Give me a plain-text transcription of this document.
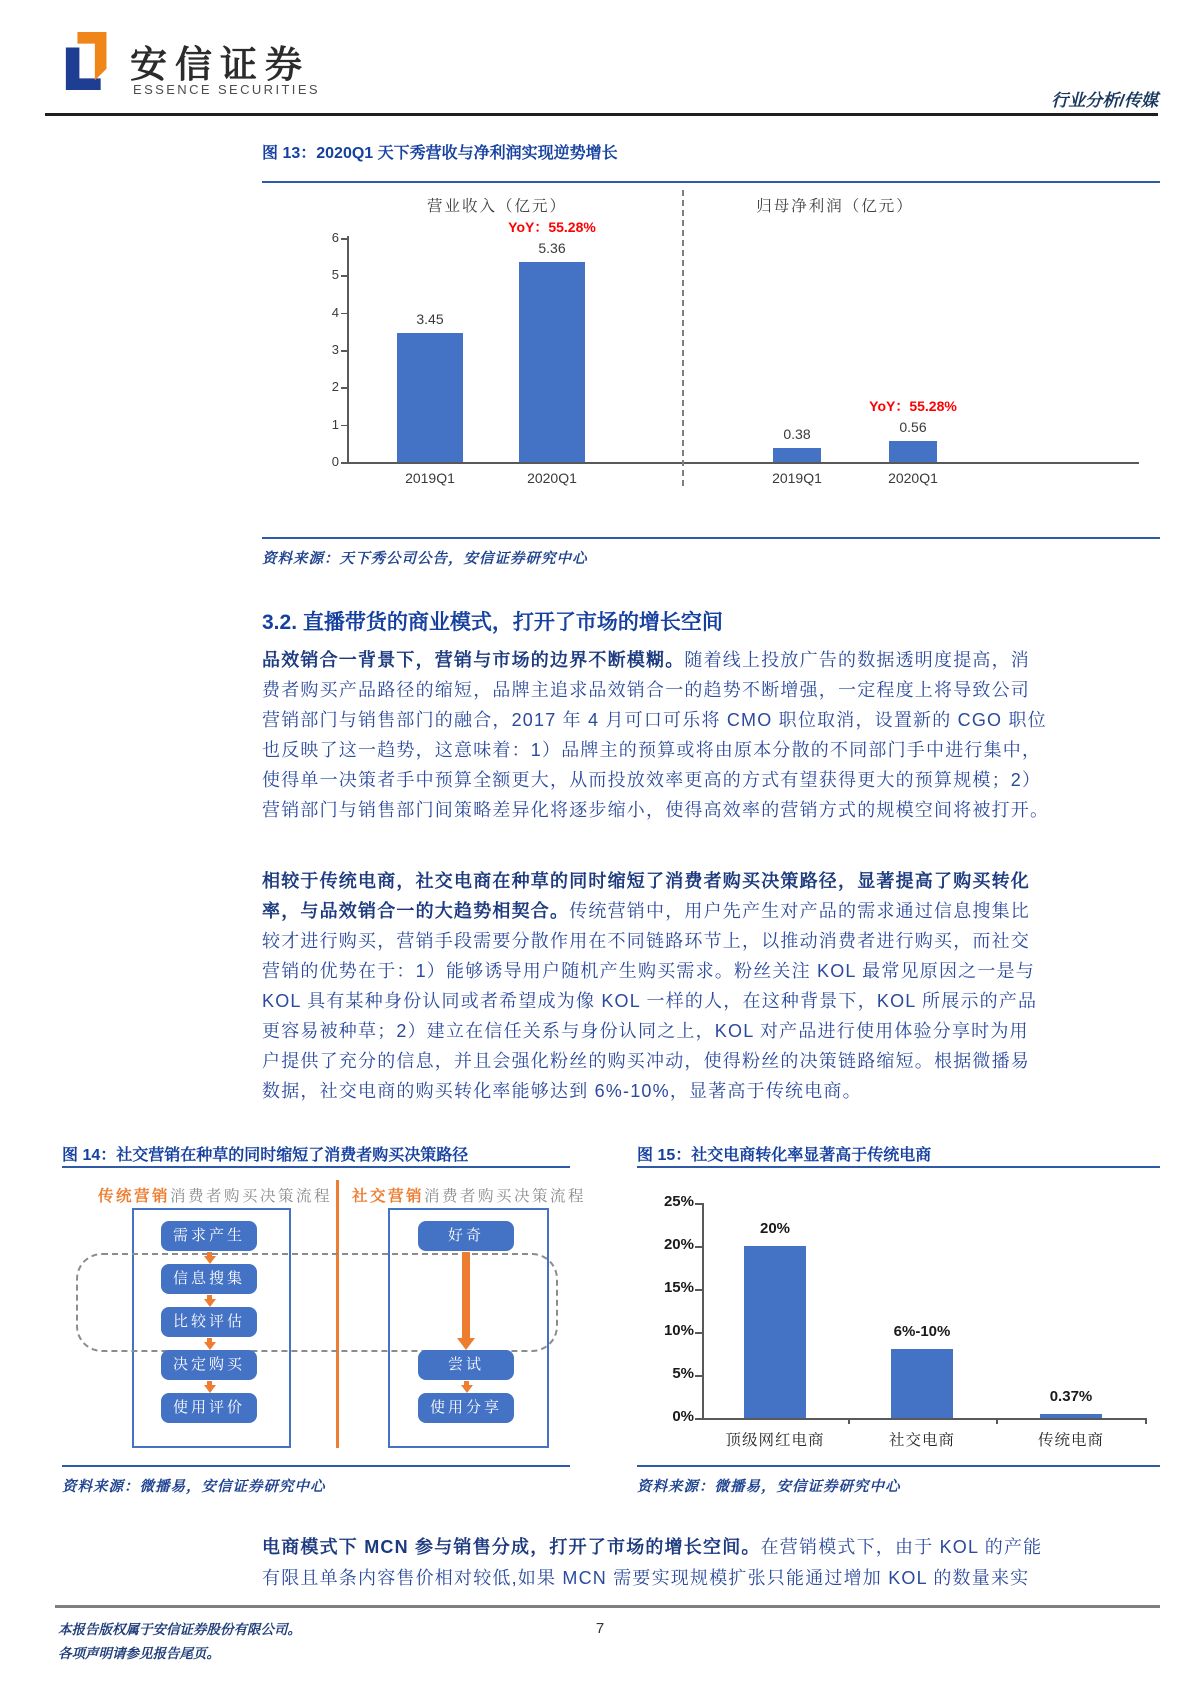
安信证券
ESSENCE SECURITIES
行业分析/传媒
图 13：2020Q1 天下秀营收与净利润实现逆势增长
0
1
2
3
4
5
6
营业收入（亿元）
3.45
2019Q1
5.36
2020Q1
YoY：55.28%
归母净利润（亿元）
0.38
2019Q1
0.56
2020Q1
YoY：55.28%
资料来源：天下秀公司公告，安信证券研究中心
3.2. 直播带货的商业模式，打开了市场的增长空间
品效销合一背景下，营销与市场的边界不断模糊。随着线上投放广告的数据透明度提高，消
费者购买产品路径的缩短，品牌主追求品效销合一的趋势不断增强，一定程度上将导致公司
营销部门与销售部门的融合，2017 年 4 月可口可乐将 CMO 职位取消，设置新的 CGO 职位
也反映了这一趋势，这意味着：1）品牌主的预算或将由原本分散的不同部门手中进行集中，
使得单一决策者手中预算全额更大，从而投放效率更高的方式有望获得更大的预算规模；2）
营销部门与销售部门间策略差异化将逐步缩小，使得高效率的营销方式的规模空间将被打开。
相较于传统电商，社交电商在种草的同时缩短了消费者购买决策路径，显著提高了购买转化
率，与品效销合一的大趋势相契合。传统营销中，用户先产生对产品的需求通过信息搜集比
较才进行购买，营销手段需要分散作用在不同链路环节上，以推动消费者进行购买，而社交
营销的优势在于：1）能够诱导用户随机产生购买需求。粉丝关注 KOL 最常见原因之一是与
KOL 具有某种身份认同或者希望成为像 KOL 一样的人，在这种背景下，KOL 所展示的产品
更容易被种草；2）建立在信任关系与身份认同之上，KOL 对产品进行使用体验分享时为用
户提供了充分的信息，并且会强化粉丝的购买冲动，使得粉丝的决策链路缩短。根据微播易
数据，社交电商的购买转化率能够达到 6%-10%，显著高于传统电商。
图 14：社交营销在种草的同时缩短了消费者购买决策路径
传统营销消费者购买决策流程 社交营销消费者购买决策流程
需求产生
信息搜集
比较评估
决定购买
使用评价
好奇
尝试
使用分享
资料来源：微播易，安信证券研究中心
图 15：社交电商转化率显著高于传统电商
0%
5%
10%
15%
20%
25%
20%
顶级网红电商
6%-10%
社交电商
0.37%
传统电商
资料来源：微播易，安信证券研究中心
电商模式下 MCN 参与销售分成，打开了市场的增长空间。在营销模式下，由于 KOL 的产能
有限且单条内容售价相对较低,如果 MCN 需要实现规模扩张只能通过增加 KOL 的数量来实
本报告版权属于安信证券股份有限公司。
各项声明请参见报告尾页。
7
